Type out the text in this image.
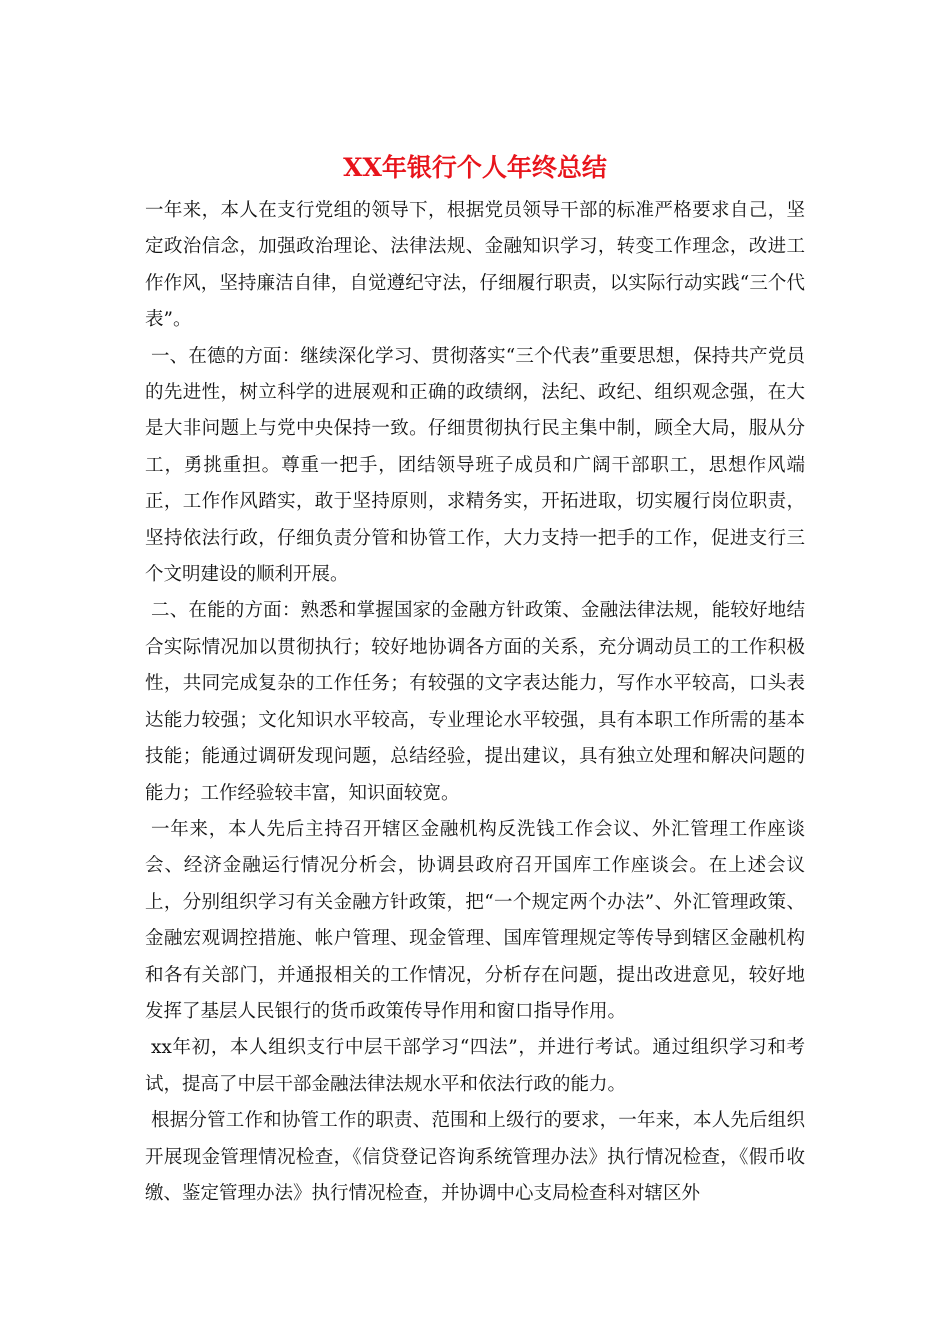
XX年银行个人年终总结

一年来，本人在支行党组的领导下，根据党员领导干部的标准严格要求自己，坚定政治信念，加强政治理论、法律法规、金融知识学习，转变工作理念，改进工作作风，坚持廉洁自律，自觉遵纪守法，仔细履行职责，以实际行动实践“三个代表”。

一、在德的方面：继续深化学习、贯彻落实“三个代表”重要思想，保持共产党员的先进性，树立科学的进展观和正确的政绩纲，法纪、政纪、组织观念强，在大是大非问题上与党中央保持一致。仔细贯彻执行民主集中制，顾全大局，服从分工，勇挑重担。尊重一把手，团结领导班子成员和广阔干部职工，思想作风端正，工作作风踏实，敢于坚持原则，求精务实，开拓进取，切实履行岗位职责，坚持依法行政，仔细负责分管和协管工作，大力支持一把手的工作，促进支行三个文明建设的顺利开展。

二、在能的方面：熟悉和掌握国家的金融方针政策、金融法律法规，能较好地结合实际情况加以贯彻执行；较好地协调各方面的关系，充分调动员工的工作积极性，共同完成复杂的工作任务；有较强的文字表达能力，写作水平较高，口头表达能力较强；文化知识水平较高，专业理论水平较强，具有本职工作所需的基本技能；能通过调研发现问题，总结经验，提出建议，具有独立处理和解决问题的能力；工作经验较丰富，知识面较宽。

一年来，本人先后主持召开辖区金融机构反洗钱工作会议、外汇管理工作座谈会、经济金融运行情况分析会，协调县政府召开国库工作座谈会。在上述会议上，分别组织学习有关金融方针政策，把“一个规定两个办法”、外汇管理政策、金融宏观调控措施、帐户管理、现金管理、国库管理规定等传导到辖区金融机构和各有关部门，并通报相关的工作情况，分析存在问题，提出改进意见，较好地发挥了基层人民银行的货币政策传导作用和窗口指导作用。

xx年初，本人组织支行中层干部学习“四法”，并进行考试。通过组织学习和考试，提高了中层干部金融法律法规水平和依法行政的能力。

根据分管工作和协管工作的职责、范围和上级行的要求，一年来，本人先后组织开展现金管理情况检查，《信贷登记咨询系统管理办法》执行情况检查，《假币收缴、鉴定管理办法》执行情况检查，并协调中心支局检查科对辖区外
